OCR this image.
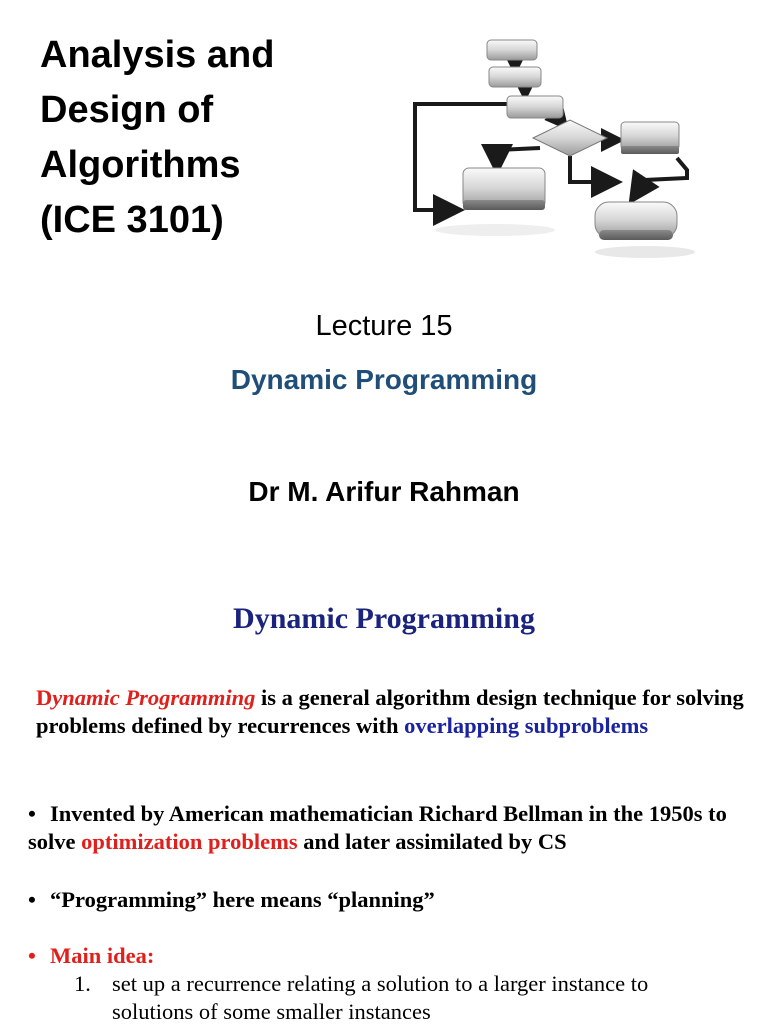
Analysis and
Design of
Algorithms
(ICE 3101)
Lecture 15
Dynamic Programming
Dr M. Arifur Rahman
Dynamic Programming
Dynamic Programming is a general algorithm design technique for solving problems defined by recurrences with overlapping subproblems
• Invented by American mathematician Richard Bellman in the 1950s to solve optimization problems and later assimilated by CS
• “Programming” here means “planning”
• Main idea:
1. set up a recurrence relating a solution to a larger instance to
solutions of some smaller instances
